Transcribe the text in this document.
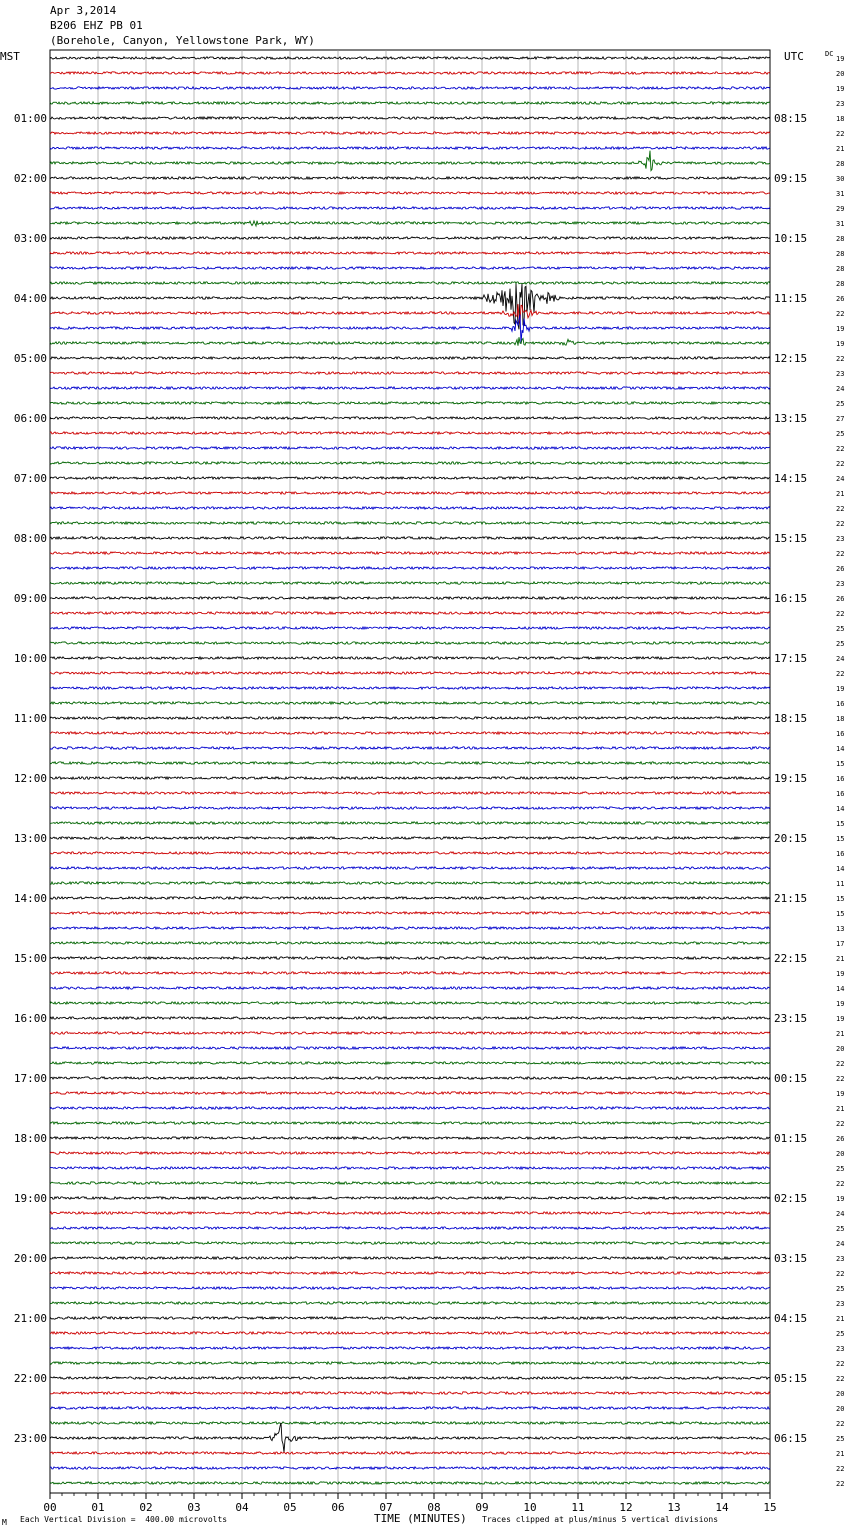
01:00	08:15
02:00	09:15
03:00	10:15
04:00	11:15
05:00	12:15
06:00	13:15
07:00	14:15
08:00	15:15
09:00	16:15
10:00	17:15
11:00	18:15
12:00	19:15
13:00	20:15
14:00	21:15
15:00	22:15
16:00	23:15
17:00	00:15
18:00	01:15
19:00	02:15
20:00	03:15
21:00	04:15
22:00	05:15
23:00	06:15
DC
19
20
19
23
18
22
21
28
30
31
29
31
28
28
28
28
26
22
19
19
22
23
24
25
27
25
22
22
24
21
22
22
23
22
26
23
26
22
25
25
24
22
19
16
18
16
14
15
16
16
14
15
15
16
14
11
15
15
13
17
21
19
14
19
19
21
20
22
22
19
21
22
26
20
25
22
19
24
25
24
23
22
25
23
21
25
23
22
22
20
20
22
25
21
22
22
00	01	02	03	04	05	06	07	08	09	10	11	12	13	14	15
Apr 3,2014
B206 EHZ PB 01
(Borehole, Canyon, Yellowstone Park, WY)
MST	UTC
M Each Vertical Division =  400.00 microvolts	TIME (MINUTES) Traces clipped at plus/minus 5 vertical divisions
